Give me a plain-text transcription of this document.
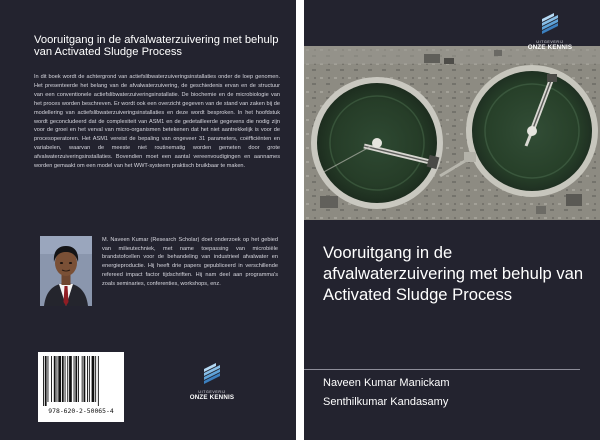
Vooruitgang in de afvalwaterzuivering met behulp van Activated Sludge Process
In dit boek wordt de achtergrond van actiefslibwaterzuiveringsinstallaties onder de loep genomen. Het presenteerde het belang van de afvalwaterzuivering, de geschiedenis ervan en de structuur van een conventionele actiefslibwaterzuiveringsinstallatie. De biochemie en de microbiologie van het proces worden beschreven. Er wordt ook een overzicht gegeven van de stand van zaken bij de modellering van actiefslibwaterzuiveringsinstallaties en deze wordt besproken. In het hoofdstuk wordt geconcludeerd dat de complexiteit van ASM1 en de gedetailleerde gegevens die nodig zijn voor de groei en het verval van micro-organismen betekenen dat het niet aantrekkelijk is voor de procesoperatoren. Het ASM1 vereist de bepaling van ongeveer 31 parameters, coëfficiënten en variabelen, waarvan de meeste niet routinematig worden gemeten door grote afvalwaterzuiveringsinstallaties. Bovendien moet een aantal vereenvoudigingen en aannames worden gemaakt om een model van het WWT-systeem praktisch bruikbaar te maken.
M. Naveen Kumar (Research Scholar) doet onderzoek op het gebied van milieutechniek, met name toepassing van microbiële brandstofcellen voor de behandeling van industrieel afvalwater en energieproductie. Hij heeft drie papers gepubliceerd in verschillende refereed impact factor tijdschriften. Hij nam deel aan programma's zoals seminaries, conferenties, workshops, enz.
UITGEVERIJ
ONZE KENNIS
978-620-2-50065-4
UITGEVERIJ
ONZE KENNIS
Vooruitgang in de afvalwaterzuivering met behulp van Activated Sludge Process
Naveen Kumar Manickam
Senthilkumar Kandasamy
